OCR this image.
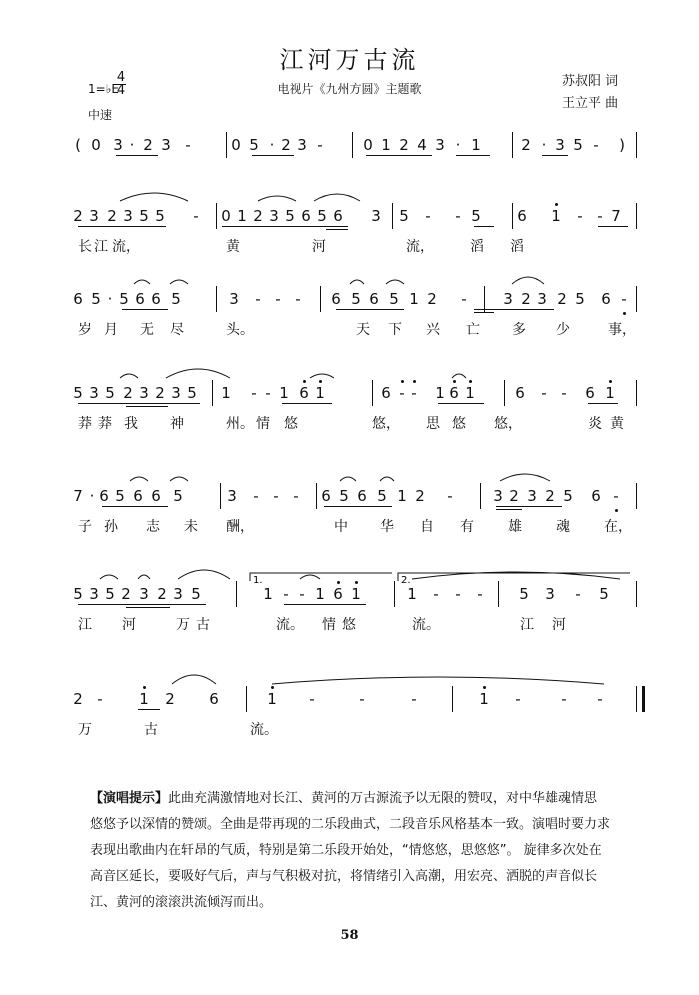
江河万古流
电视片《九州方圆》主题歌	苏叔阳 词
王立平 曲
1=♭E
4
4
中速
( 0 3 · 2 3 -	0 5 · 2 3 -	0 1 2 4 3 · 1	2 · 3 5 - )
2 3 2 3 5 5 - 0 1 2 3 5 6 5 6 3 5 - - 5 6 1 - - 7
长 江 流，	黄	河	流，	滔 滔
6 5 · 5 6 6 5	3 - - - 6 5 6 5 1 2 - 3 2 3 2 5 6 -
岁 月 无 尽	头。	天 下 兴 亡 多 少	事，
5 3 5 2 3 2 3 5 1 - - 1 6 1	6 - - 1 6 1	6 - - 6 1
莽 莽 我 神	州。 情 悠	悠， 思 悠 悠，	炎 黄
7 · 6 5 6 6 5	3 - - - 6 5 6 5 1 2 -	3 2 3 2 5 6 -
子 孙 志 未 酬，	中 华 自 有 雄 魂 在，
5 3 5 2 3 2 3 5	1 - - 1 6 1	1 - - - 5 3 - 5
江 河	万 古	流。 情 悠	流。	江 河
2 - 1 2 6	1 -	-	-	1 -	- -
万	古	流。
1.	2.
【演唱提示】此曲充满激情地对长江、黄河的万古源流予以无限的赞叹，对中华雄魂情思悠悠予以深情的赞颂。全曲是带再现的二乐段曲式，二段音乐风格基本一致。演唱时要力求表现出歌曲内在轩昂的气质，特别是第二乐段开始处，“情悠悠，思悠悠”。 旋律多次处在高音区延长，要吸好气后，声与气积极对抗，将情绪引入高潮，用宏亮、洒脱的声音似长江、黄河的滚滚洪流倾泻而出。
58
